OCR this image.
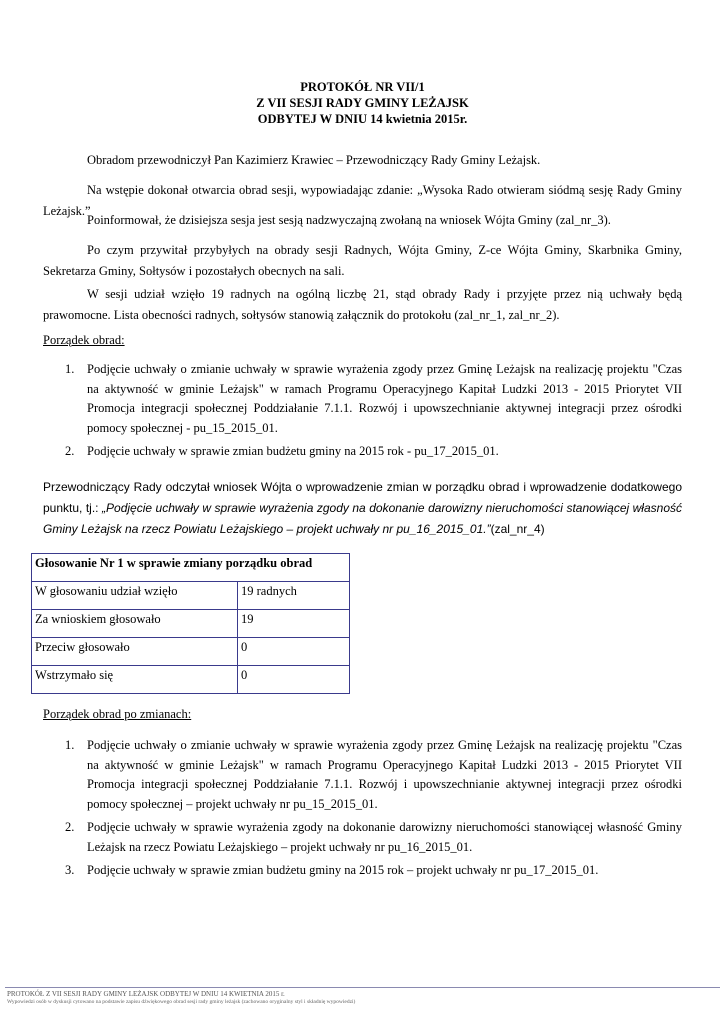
PROTOKÓŁ NR VII/1
Z VII SESJI RADY GMINY LEŻAJSK
ODBYTEJ W DNIU 14 kwietnia 2015r.
Obradom przewodniczył Pan Kazimierz Krawiec – Przewodniczący Rady Gminy Leżajsk.
Na wstępie dokonał otwarcia obrad sesji, wypowiadając zdanie: „Wysoka Rado otwieram siódmą sesję Rady Gminy Leżajsk.”
Poinformował, że dzisiejsza sesja jest sesją nadzwyczajną zwołaną na wniosek Wójta Gminy (zal_nr_3).
Po czym przywitał przybyłych na obrady sesji Radnych, Wójta Gminy, Z-ce Wójta Gminy, Skarbnika Gminy, Sekretarza Gminy, Sołtysów i pozostałych obecnych na sali.
W sesji udział wzięło 19 radnych na ogólną liczbę 21, stąd obrady Rady i przyjęte przez nią uchwały będą prawomocne. Lista obecności radnych, sołtysów stanowią załącznik do protokołu (zal_nr_1, zal_nr_2).
Porządek obrad:
1. Podjęcie uchwały o zmianie uchwały w sprawie wyrażenia zgody przez Gminę Leżajsk na realizację projektu "Czas na aktywność w gminie Leżajsk" w ramach Programu Operacyjnego Kapitał Ludzki 2013 - 2015 Priorytet VII Promocja integracji społecznej Poddziałanie 7.1.1. Rozwój i upowszechnianie aktywnej integracji przez ośrodki pomocy społecznej - pu_15_2015_01.
2. Podjęcie uchwały w sprawie zmian budżetu gminy na 2015 rok - pu_17_2015_01.
Przewodniczący Rady odczytał wniosek Wójta o wprowadzenie zmian w porządku obrad i wprowadzenie dodatkowego punktu, tj.: „Podjęcie uchwały w sprawie wyrażenia zgody na dokonanie darowizny nieruchomości stanowiącej własność Gminy Leżajsk na rzecz Powiatu Leżajskiego – projekt uchwały nr pu_16_2015_01.”(zal_nr_4)
Głosowanie Nr 1 w sprawie zmiany porządku obrad	
W głosowaniu udział wzięło	19 radnych
Za wnioskiem głosowało	19
Przeciw głosowało	0
Wstrzymało się	0
Porządek obrad po zmianach:
1. Podjęcie uchwały o zmianie uchwały w sprawie wyrażenia zgody przez Gminę Leżajsk na realizację projektu "Czas na aktywność w gminie Leżajsk" w ramach Programu Operacyjnego Kapitał Ludzki 2013 - 2015 Priorytet VII Promocja integracji społecznej Poddziałanie 7.1.1. Rozwój i upowszechnianie aktywnej integracji przez ośrodki pomocy społecznej – projekt uchwały nr pu_15_2015_01.
2. Podjęcie uchwały w sprawie wyrażenia zgody na dokonanie darowizny nieruchomości stanowiącej własność Gminy Leżajsk na rzecz Powiatu Leżajskiego – projekt uchwały nr pu_16_2015_01.
3. Podjęcie uchwały w sprawie zmian budżetu gminy na 2015 rok – projekt uchwały nr pu_17_2015_01.
PROTOKÓŁ Z VII SESJI RADY GMINY LEŻAJSK ODBYTEJ W DNIU 14 KWIETNIA 2015 r.
Wypowiedzi osób w dyskusji cytowano na podstawie zapisu dźwiękowego obrad sesji rady gminy leżajsk (zachowano oryginalny styl i składnię wypowiedzi)
